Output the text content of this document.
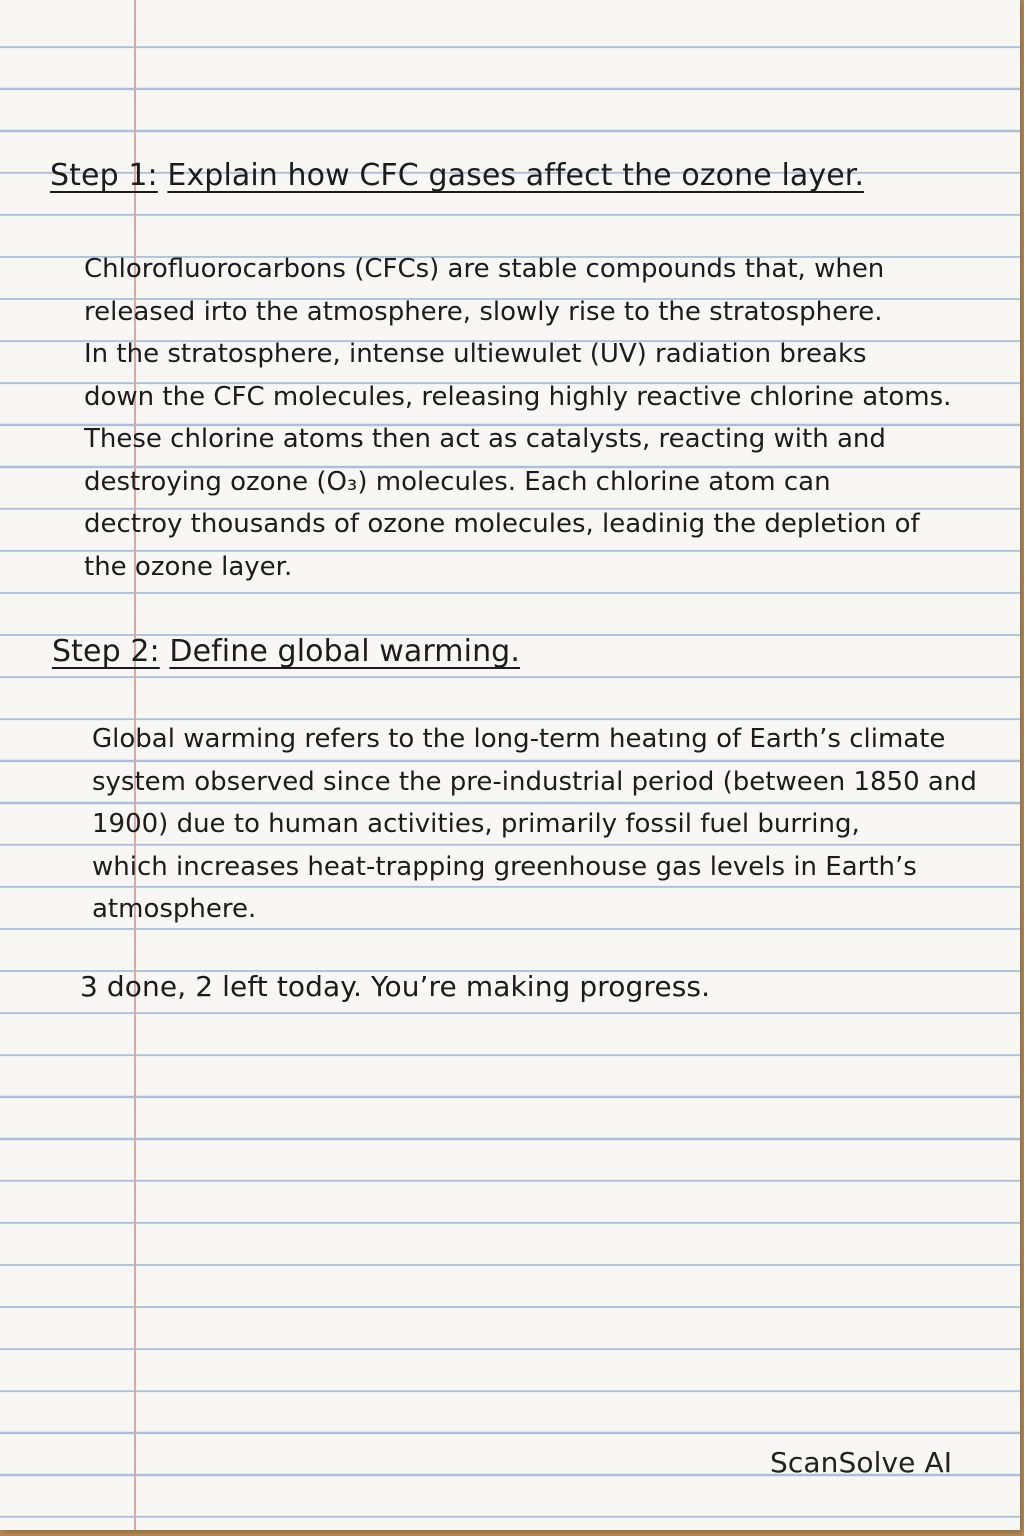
Step 1: Explain how CFC gases affect the ozone layer.
Chlorofluorocarbons (CFCs) are stable compounds that, when
released irto the atmosphere, slowly rise to the stratosphere.
In the stratosphere, intense ultiewulet (UV) radiation breaks
down the CFC molecules, releasing highly reactive chlorine atoms.
These chlorine atoms then act as catalysts, reacting with and
destroying ozone (O₃) molecules. Each chlorine atom can
dectroy thousands of ozone molecules, leadinig the depletion of
the ozone layer.
Step 2: Define global warming.
Global warming refers to the long-term heatıng of Earth’s climate
system observed since the pre-industrial period (between 1850 and
1900) due to human activities, primarily fossil fuel burring,
which increases heat-trapping greenhouse gas levels in Earth’s
atmosphere.
3 done, 2 left today. You’re making progress.
ScanSolve AI
